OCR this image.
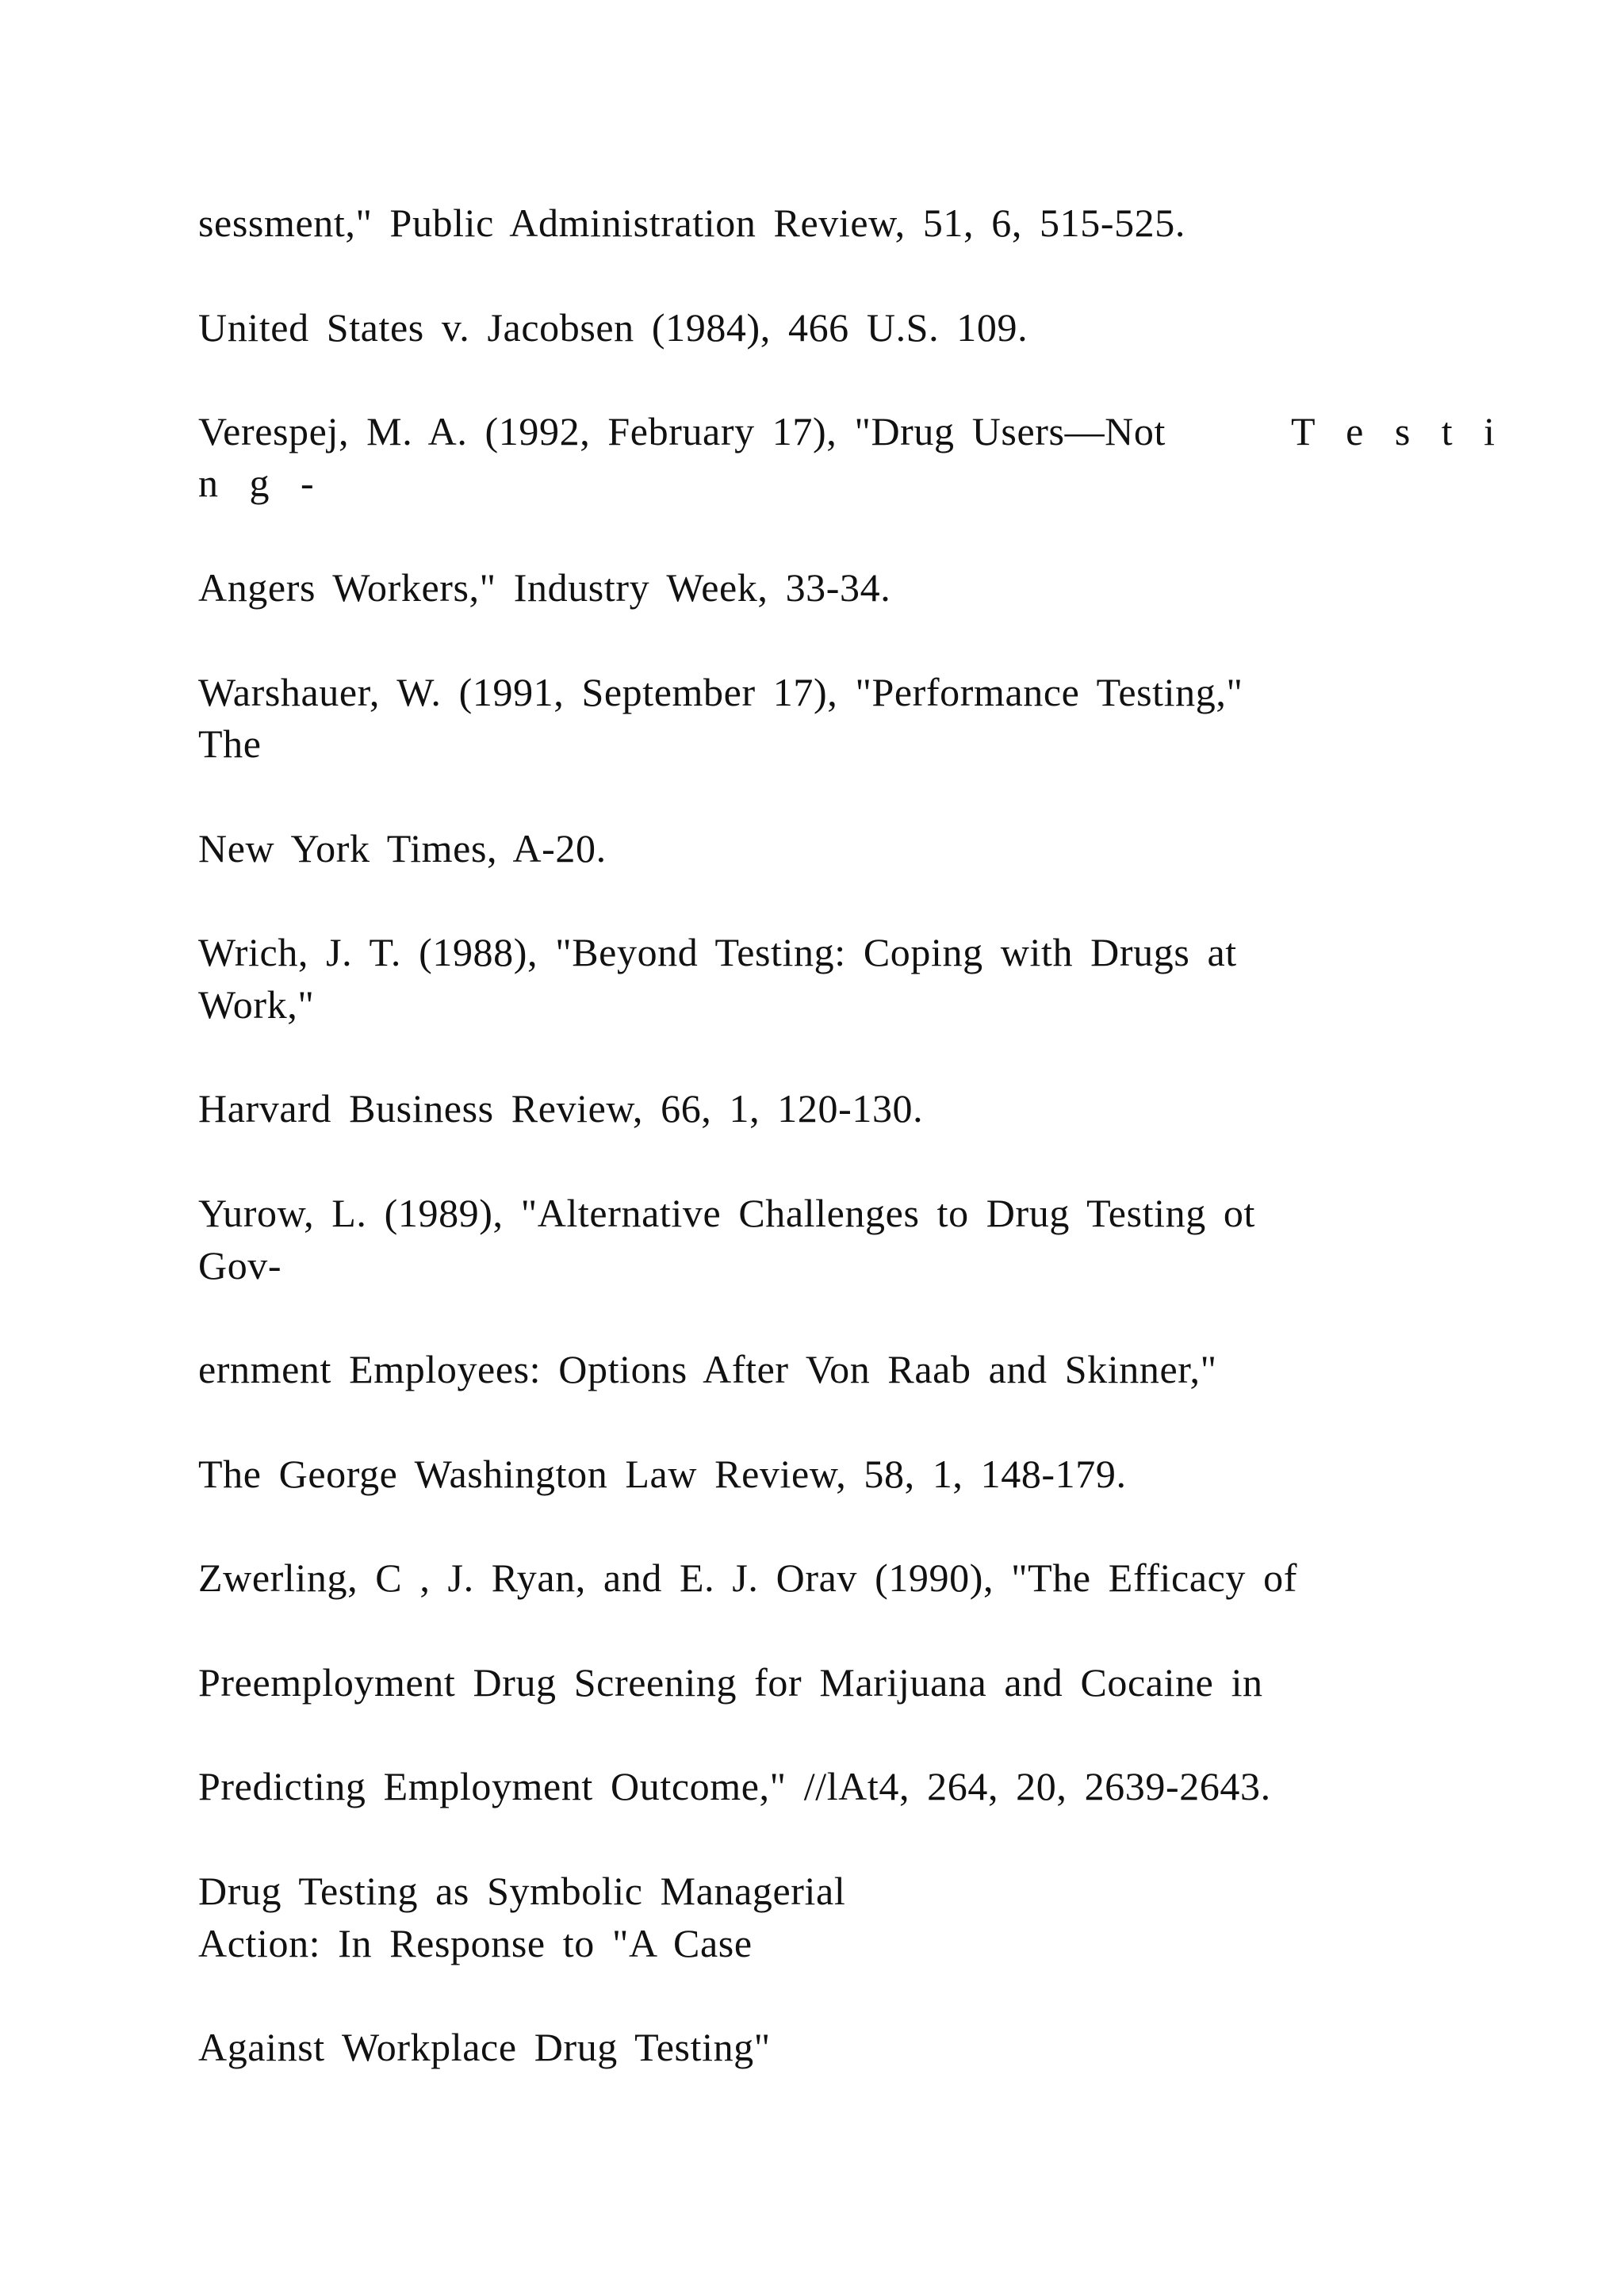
sessment," Public Administration Review, 51, 6, 515-525.

United States v. Jacobsen (1984), 466 U.S. 109.

Verespej, M. A. (1992, February 17), "Drug Users—Not	T e s t i

n g -

Angers Workers," Industry Week, 33-34.

Warshauer, W. (1991, September 17), "Performance Testing,"

The

New York Times, A-20.

Wrich, J. T. (1988), "Beyond Testing: Coping with Drugs at

Work,"

Harvard Business Review, 66, 1, 120-130.

Yurow, L. (1989), "Alternative Challenges to Drug Testing ot

Gov-

ernment Employees: Options After Von Raab and Skinner,"

The George Washington Law Review, 58, 1, 148-179.

Zwerling, C , J. Ryan, and E. J. Orav (1990), "The Efficacy of

Preemployment Drug Screening for Marijuana and Cocaine in

Predicting Employment Outcome," //lAt4, 264, 20, 2639-2643.

Drug Testing as Symbolic Managerial

Action: In Response to "A Case

Against Workplace Drug Testing"
